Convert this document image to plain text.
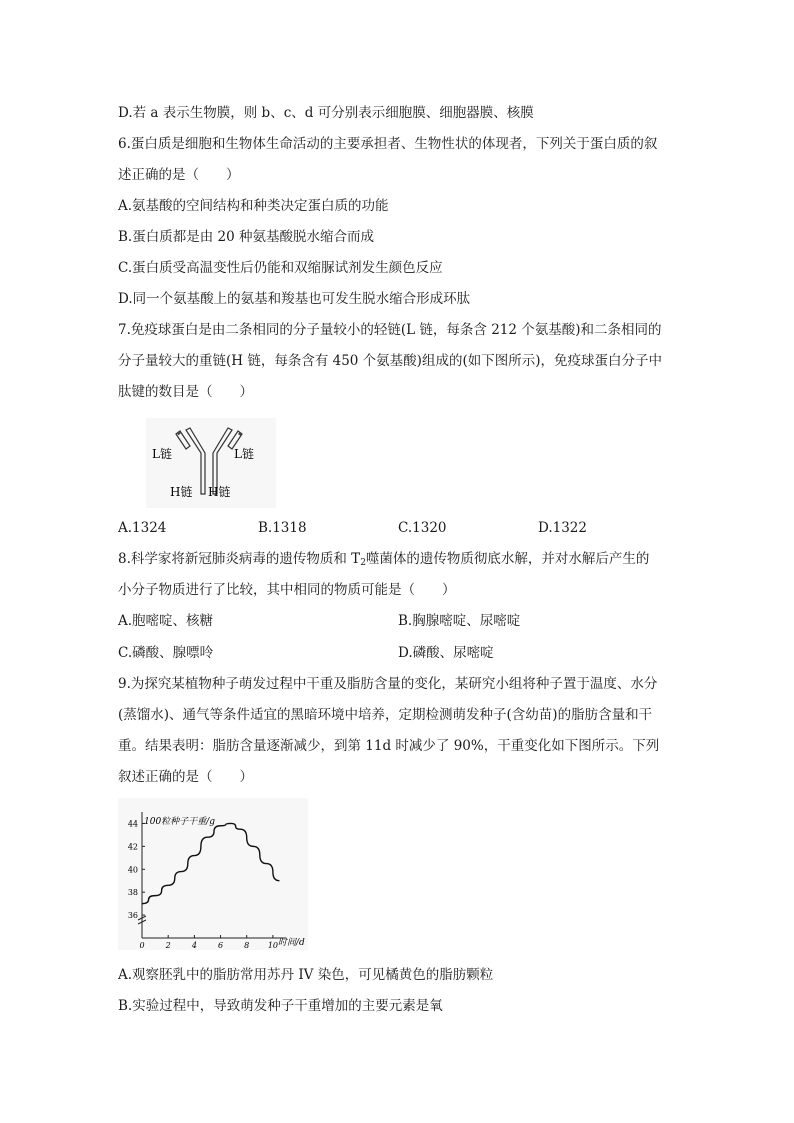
D.若 a 表示生物膜，则 b、c、d 可分别表示细胞膜、细胞器膜、核膜
6.蛋白质是细胞和生物体生命活动的主要承担者、生物性状的体现者，下列关于蛋白质的叙
述正确的是（　　）
A.氨基酸的空间结构和种类决定蛋白质的功能
B.蛋白质都是由 20 种氨基酸脱水缩合而成
C.蛋白质受高温变性后仍能和双缩脲试剂发生颜色反应
D.同一个氨基酸上的氨基和羧基也可发生脱水缩合形成环肽
7.免疫球蛋白是由二条相同的分子量较小的轻链(L 链，每条含 212 个氨基酸)和二条相同的
分子量较大的重链(H 链，每条含有 450 个氨基酸)组成的(如下图所示)，免疫球蛋白分子中
肽键的数目是（　　）
L链	L链
H链 H链
A.1324	B.1318	C.1320	D.1322
8.科学家将新冠肺炎病毒的遗传物质和 $T_2$噬菌体的遗传物质彻底水解，并对水解后产生的
小分子物质进行了比较，其中相同的物质可能是（　　）
A.胞嘧啶、核糖	B.胸腺嘧啶、尿嘧啶
C.磷酸、腺嘌呤	D.磷酸、尿嘧啶
9.为探究某植物种子萌发过程中干重及脂肪含量的变化，某研究小组将种子置于温度、水分
(蒸馏水)、通气等条件适宜的黑暗环境中培养，定期检测萌发种子(含幼苗)的脂肪含量和干
重。结果表明：脂肪含量逐渐减少，到第 11d 时减少了 90%，干重变化如下图所示。下列
叙述正确的是（　　）
0	2	4	6	8 10
36
38
40
42
44 100粒种子干重/g
时间/d
A.观察胚乳中的脂肪常用苏丹 IV 染色，可见橘黄色的脂肪颗粒
B.实验过程中，导致萌发种子干重增加的主要元素是氧
